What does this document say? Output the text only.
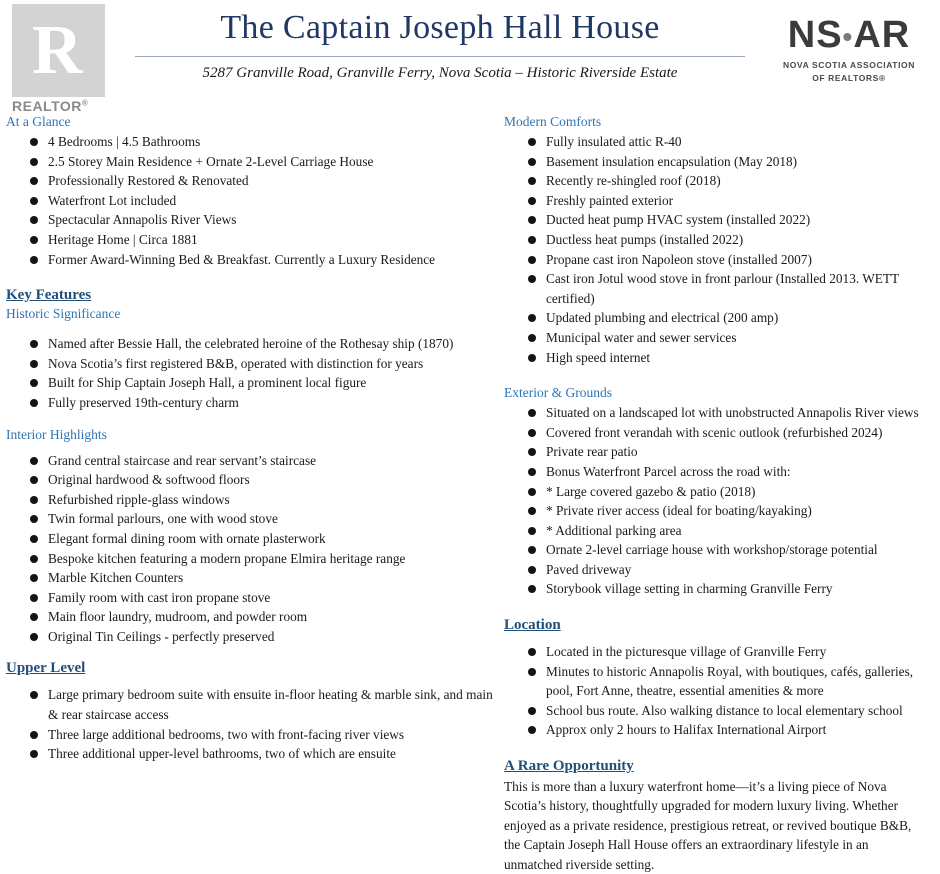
R
REALTOR®
The Captain Joseph Hall House
5287 Granville Road, Granville Ferry, Nova Scotia – Historic Riverside Estate
NS•AR
NOVA SCOTIA ASSOCIATION
OF REALTORS®
At a Glance
4 Bedrooms | 4.5 Bathrooms
2.5 Storey Main Residence + Ornate 2-Level Carriage House
Professionally Restored & Renovated
Waterfront Lot included
Spectacular Annapolis River Views
Heritage Home | Circa 1881
Former Award-Winning Bed & Breakfast. Currently a Luxury Residence
Key Features
Historic Significance
Named after Bessie Hall, the celebrated heroine of the Rothesay ship (1870)
Nova Scotia’s first registered B&B, operated with distinction for years
Built for Ship Captain Joseph Hall, a prominent local figure
Fully preserved 19th-century charm
Interior Highlights
Grand central staircase and rear servant’s staircase
Original hardwood & softwood floors
Refurbished ripple-glass windows
Twin formal parlours, one with wood stove
Elegant formal dining room with ornate plasterwork
Bespoke kitchen featuring a modern propane Elmira heritage range
Marble Kitchen Counters
Family room with cast iron propane stove
Main floor laundry, mudroom, and powder room
Original Tin Ceilings - perfectly preserved
Upper Level
Large primary bedroom suite with ensuite in-floor heating & marble sink, and main & rear staircase access
Three large additional bedrooms, two with front-facing river views
Three additional upper-level bathrooms, two of which are ensuite
Modern Comforts
Fully insulated attic R-40
Basement insulation encapsulation (May 2018)
Recently re-shingled roof (2018)
Freshly painted exterior
Ducted heat pump HVAC system (installed 2022)
Ductless heat pumps (installed 2022)
Propane cast iron Napoleon stove (installed 2007)
Cast iron Jotul wood stove in front parlour (Installed 2013. WETT certified)
Updated plumbing and electrical (200 amp)
Municipal water and sewer services
High speed internet
Exterior & Grounds
Situated on a landscaped lot with unobstructed Annapolis River views
Covered front verandah with scenic outlook (refurbished 2024)
Private rear patio
Bonus Waterfront Parcel across the road with:
* Large covered gazebo & patio (2018)
* Private river access (ideal for boating/kayaking)
* Additional parking area
Ornate 2-level carriage house with workshop/storage potential
Paved driveway
Storybook village setting in charming Granville Ferry
Location
Located in the picturesque village of Granville Ferry
Minutes to historic Annapolis Royal, with boutiques, cafés, galleries, pool, Fort Anne, theatre, essential amenities & more
School bus route. Also walking distance to local elementary school
Approx only 2 hours to Halifax International Airport
A Rare Opportunity
This is more than a luxury waterfront home—it’s a living piece of Nova Scotia’s history, thoughtfully upgraded for modern luxury living. Whether enjoyed as a private residence, prestigious retreat, or revived boutique B&B, the Captain Joseph Hall House offers an extraordinary lifestyle in an unmatched riverside setting.
